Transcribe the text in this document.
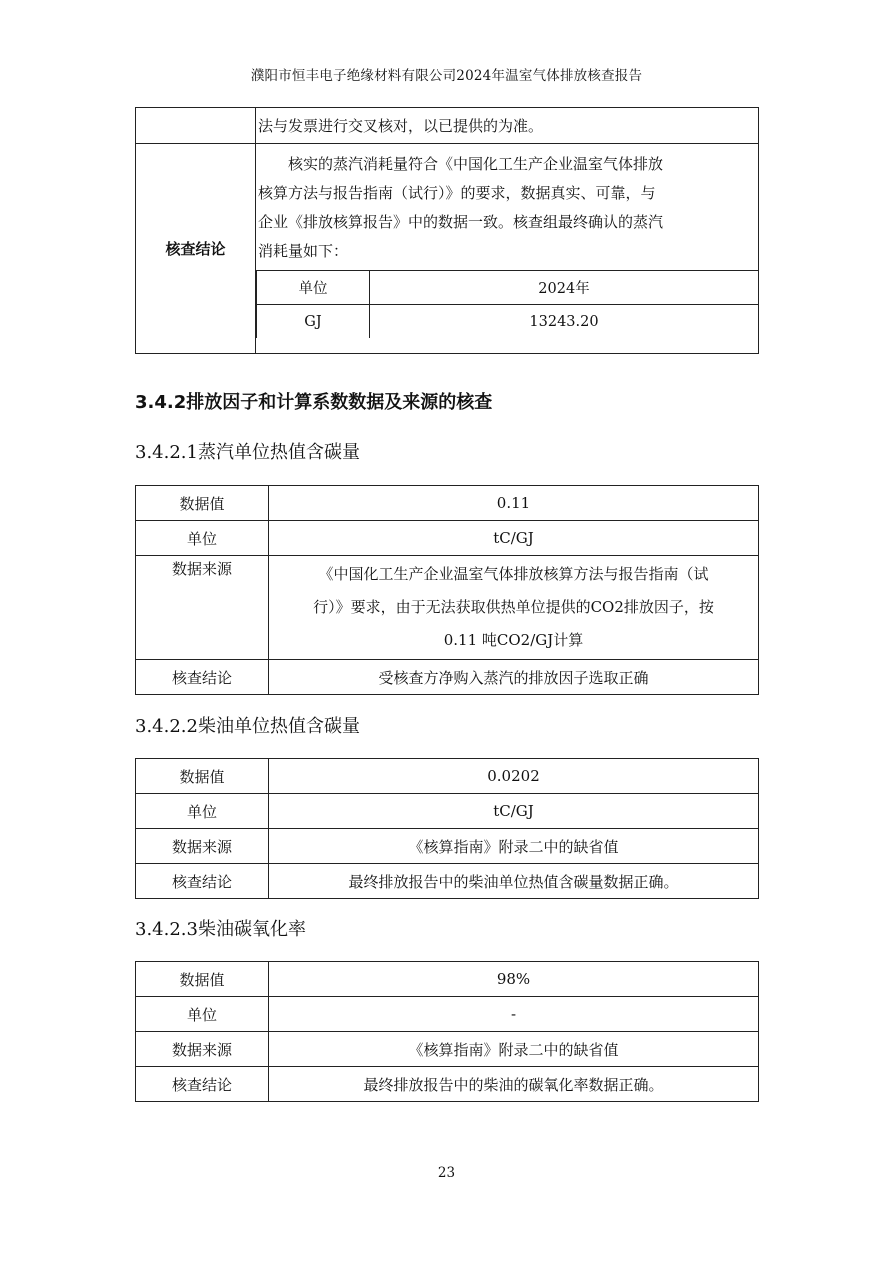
濮阳市恒丰电子绝缘材料有限公司2024年温室气体排放核查报告
	法与发票进行交叉核对，以已提供的为准。
核查结论	
　　核实的蒸汽消耗量符合《中国化工生产企业温室气体排放
核算方法与报告指南（试行）》的要求，数据真实、可靠，与
企业《排放核算报告》中的数据一致。核查组最终确认的蒸汽
消耗量如下：
单位	2024年
GJ	13243.20
3.4.2排放因子和计算系数数据及来源的核查
3.4.2.1蒸汽单位热值含碳量
数据值	0.11
单位	tC/GJ
数据来源	《中国化工生产企业温室气体排放核算方法与报告指南（试
行）》要求，由于无法获取供热单位提供的CO2排放因子，按
0.11 吨CO2/GJ计算

核查结论	受核查方净购入蒸汽的排放因子选取正确
3.4.2.2柴油单位热值含碳量
数据值	0.0202
单位	tC/GJ
数据来源	《核算指南》附录二中的缺省值
核查结论	最终排放报告中的柴油单位热值含碳量数据正确。
3.4.2.3柴油碳氧化率
数据值	98%
单位	-
数据来源	《核算指南》附录二中的缺省值
核查结论	最终排放报告中的柴油的碳氧化率数据正确。
23
